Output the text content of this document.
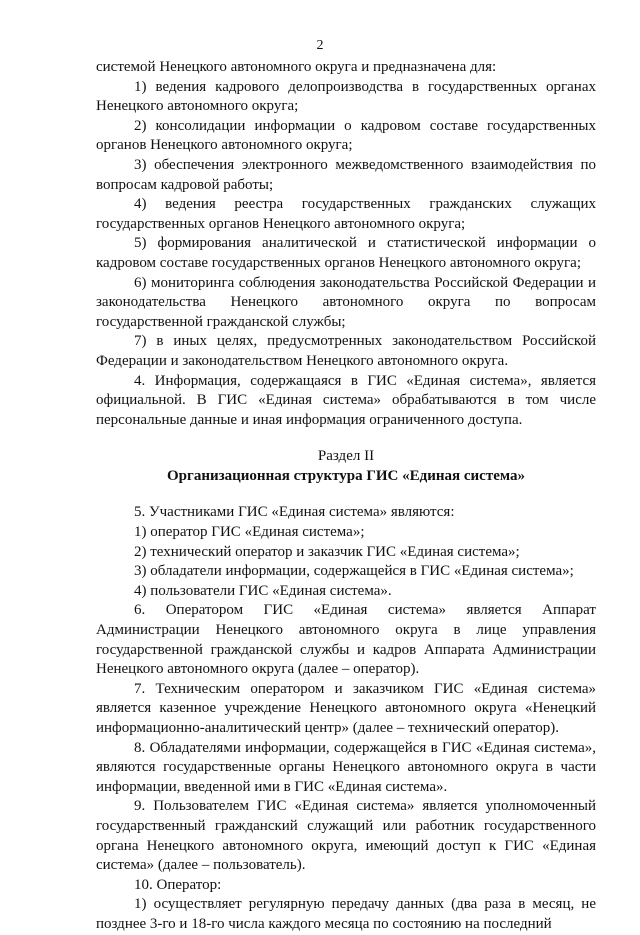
2

системой Ненецкого автономного округа и предназначена для:

1) ведения кадрового делопроизводства в государственных органах Ненецкого автономного округа;

2) консолидации информации о кадровом составе государственных органов Ненецкого автономного округа;

3) обеспечения электронного межведомственного взаимодействия по вопросам кадровой работы;

4) ведения реестра государственных гражданских служащих государственных органов Ненецкого автономного округа;

5) формирования аналитической и статистической информации о кадровом составе государственных органов Ненецкого автономного округа;

6) мониторинга соблюдения законодательства Российской Федерации и законодательства Ненецкого автономного округа по вопросам государственной гражданской службы;

7) в иных целях, предусмотренных законодательством Российской Федерации и законодательством Ненецкого автономного округа.

4. Информация, содержащаяся в ГИС «Единая система», является официальной. В ГИС «Единая система» обрабатываются в том числе персональные данные и иная информация ограниченного доступа.

Раздел II

Организационная структура ГИС «Единая система»

5. Участниками ГИС «Единая система» являются:

1) оператор ГИС «Единая система»;

2) технический оператор и заказчик ГИС «Единая система»;

3) обладатели информации, содержащейся в ГИС «Единая система»;

4) пользователи ГИС «Единая система».

6. Оператором ГИС «Единая система» является Аппарат Администрации Ненецкого автономного округа в лице управления государственной гражданской службы и кадров Аппарата Администрации Ненецкого автономного округа (далее – оператор).

7. Техническим оператором и заказчиком ГИС «Единая система» является казенное учреждение Ненецкого автономного округа «Ненецкий информационно-аналитический центр» (далее – технический оператор).

8. Обладателями информации, содержащейся в ГИС «Единая система», являются государственные органы Ненецкого автономного округа в части информации, введенной ими в ГИС «Единая система».

9. Пользователем ГИС «Единая система» является уполномоченный государственный гражданский служащий или работник государственного органа Ненецкого автономного округа, имеющий доступ к ГИС «Единая система» (далее – пользователь).

10. Оператор:

1) осуществляет регулярную передачу данных (два раза в месяц, не позднее 3-го и 18-го числа каждого месяца по состоянию на последний
